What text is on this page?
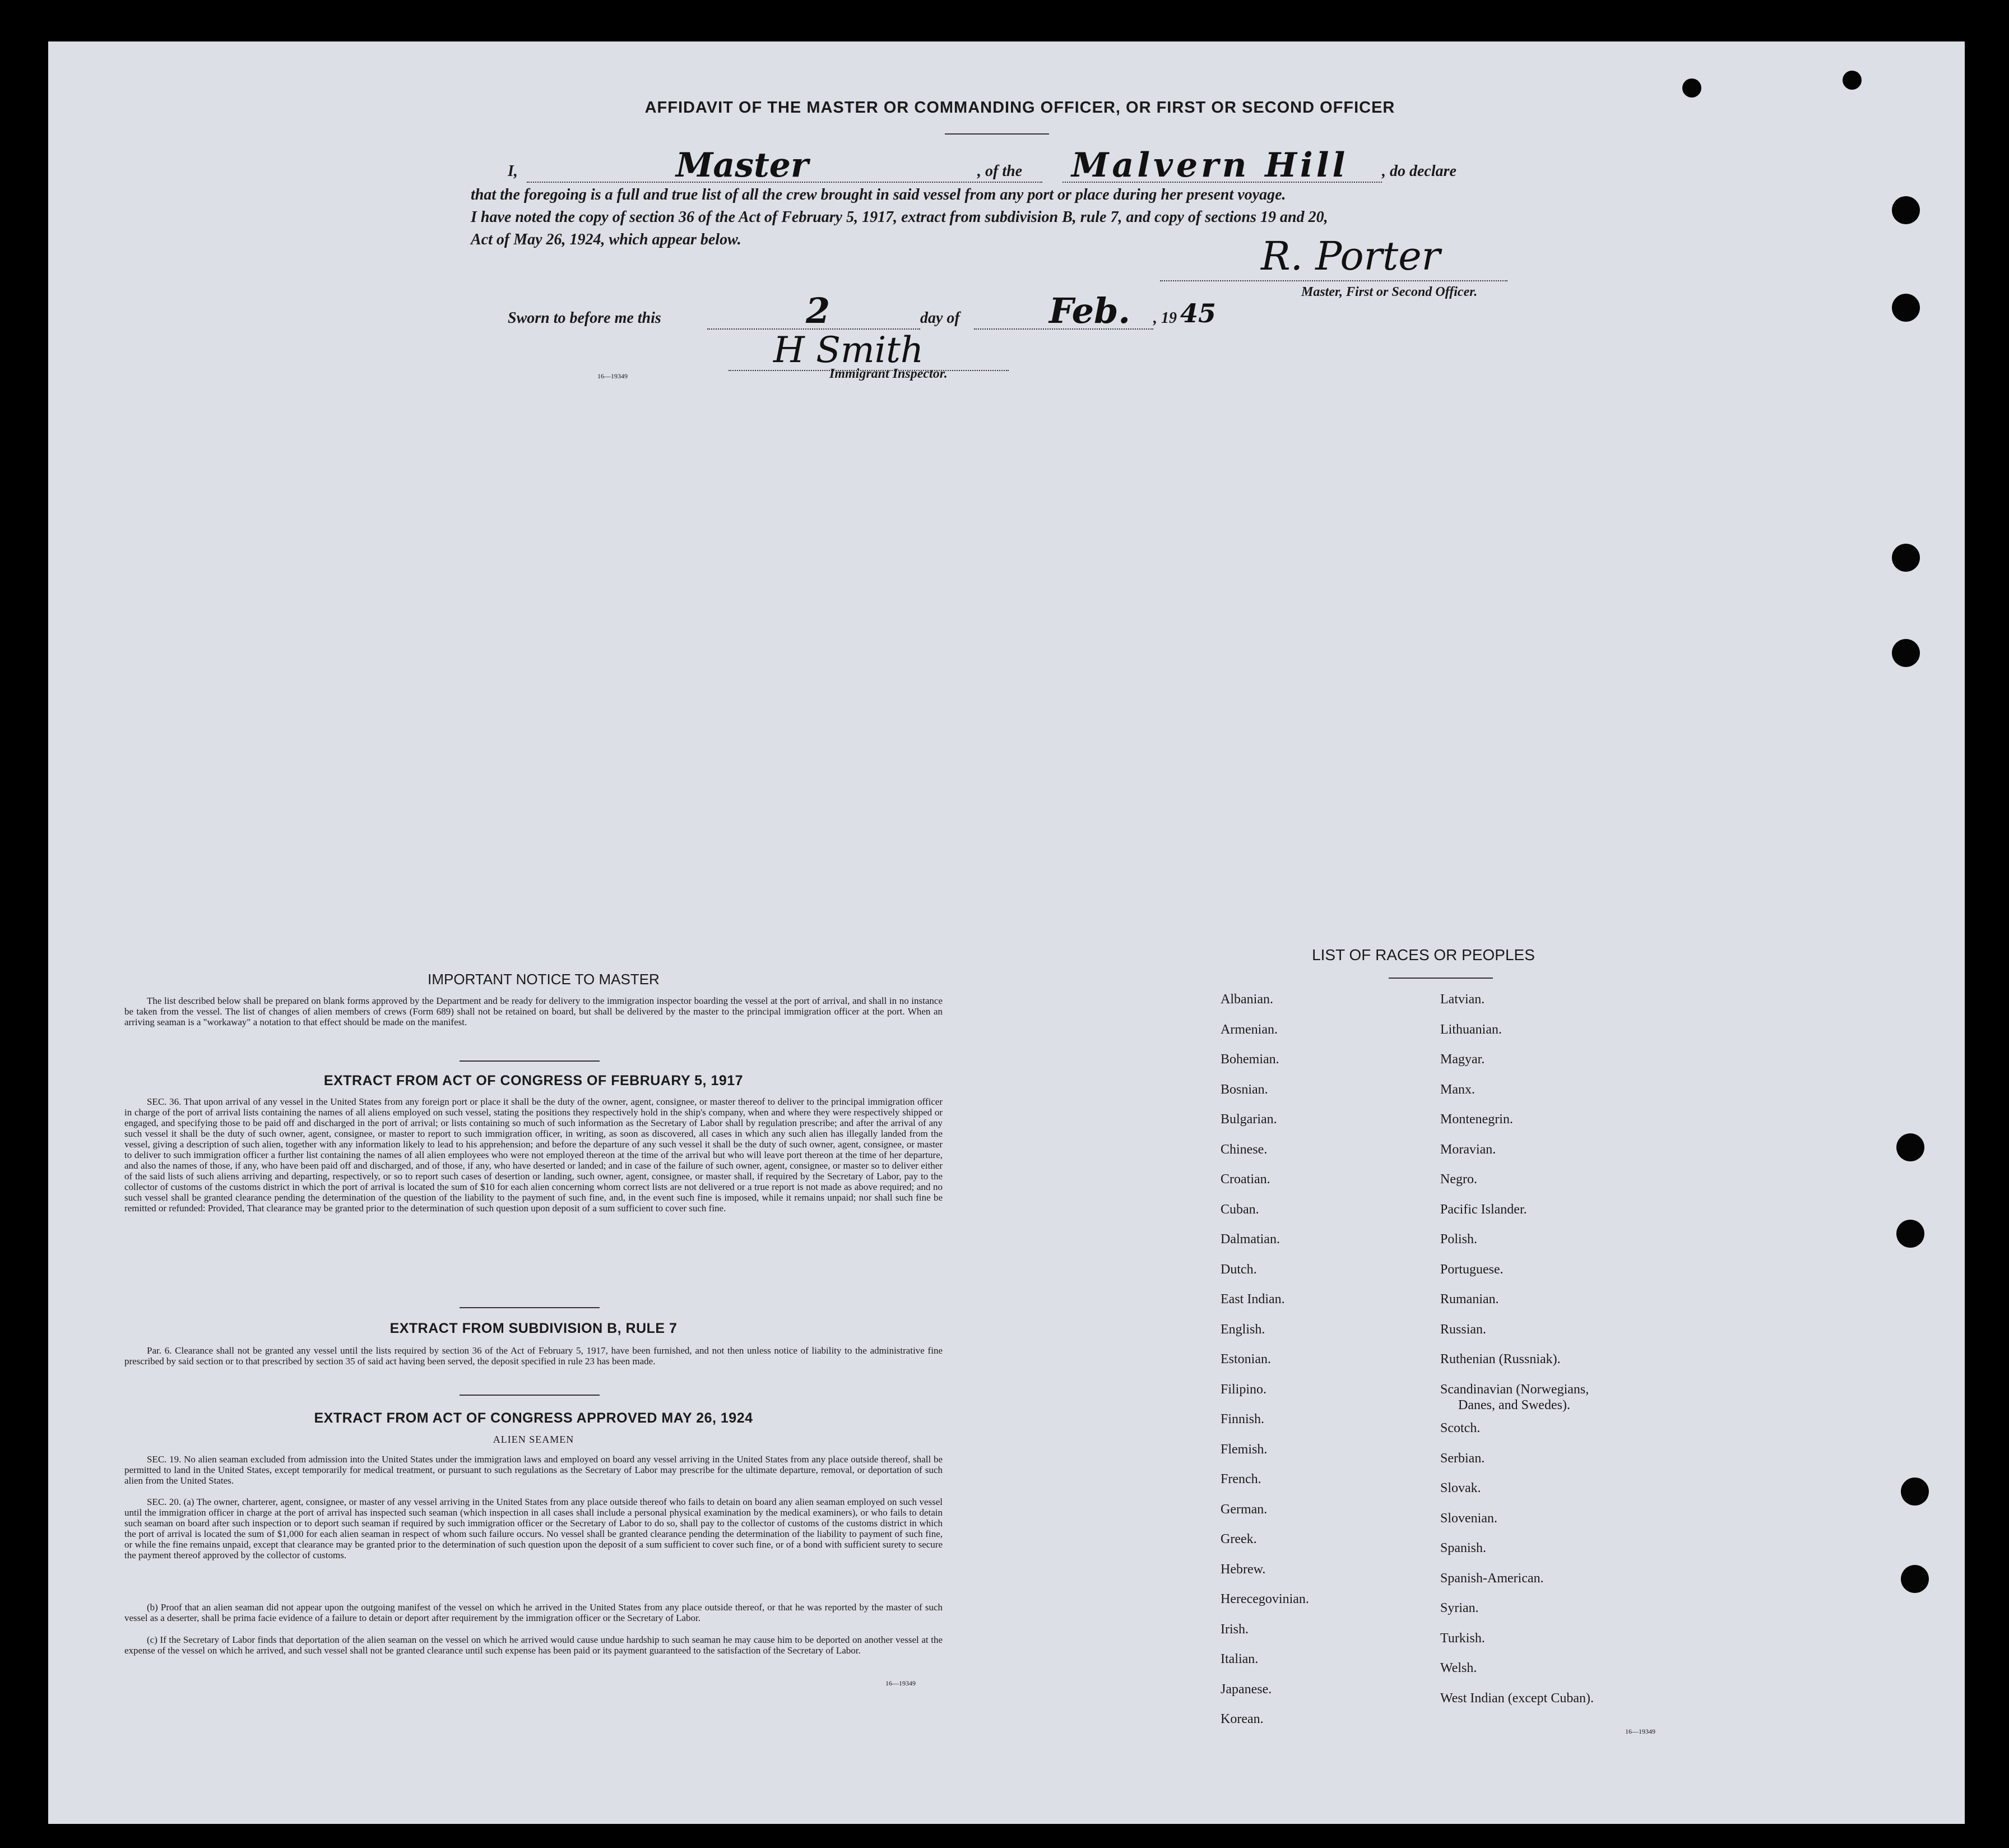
AFFIDAVIT OF THE MASTER OR COMMANDING OFFICER, OR FIRST OR SECOND OFFICER
I,	Master	, of the Malvern Hill , do declare
that the foregoing is a full and true list of all the crew brought in said vessel from any port or place during her present voyage.
I have noted the copy of section 36 of the Act of February 5, 1917, extract from subdivision B, rule 7, and copy of sections 19 and 20,
Act of May 26, 1924, which appear below.	R. Porter
Master, First or Second Officer.
Sworn to before me this	2	day of	Feb. , 19 45
H Smith
Immigrant Inspector.
16—19349
IMPORTANT NOTICE TO MASTER
The list described below shall be prepared on blank forms approved by the Department and be ready for delivery to the immigration inspector boarding the vessel at the port of arrival, and shall in no instance be taken from the vessel. The list of changes of alien members of crews (Form 689) shall not be retained on board, but shall be delivered by the master to the principal immigration officer at the port. When an arriving seaman is a "workaway" a notation to that effect should be made on the manifest.
EXTRACT FROM ACT OF CONGRESS OF FEBRUARY 5, 1917
SEC. 36. That upon arrival of any vessel in the United States from any foreign port or place it shall be the duty of the owner, agent, consignee, or master thereof to deliver to the principal immigration officer in charge of the port of arrival lists containing the names of all aliens employed on such vessel, stating the positions they respectively hold in the ship's company, when and where they were respectively shipped or engaged, and specifying those to be paid off and discharged in the port of arrival; or lists containing so much of such information as the Secretary of Labor shall by regulation prescribe; and after the arrival of any such vessel it shall be the duty of such owner, agent, consignee, or master to report to such immigration officer, in writing, as soon as discovered, all cases in which any such alien has illegally landed from the vessel, giving a description of such alien, together with any information likely to lead to his apprehension; and before the departure of any such vessel it shall be the duty of such owner, agent, consignee, or master to deliver to such immigration officer a further list containing the names of all alien employees who were not employed thereon at the time of the arrival but who will leave port thereon at the time of her departure, and also the names of those, if any, who have been paid off and discharged, and of those, if any, who have deserted or landed; and in case of the failure of such owner, agent, consignee, or master so to deliver either of the said lists of such aliens arriving and departing, respectively, or so to report such cases of desertion or landing, such owner, agent, consignee, or master shall, if required by the Secretary of Labor, pay to the collector of customs of the customs district in which the port of arrival is located the sum of $10 for each alien concerning whom correct lists are not delivered or a true report is not made as above required; and no such vessel shall be granted clearance pending the determination of the question of the liability to the payment of such fine, and, in the event such fine is imposed, while it remains unpaid; nor shall such fine be remitted or refunded: Provided, That clearance may be granted prior to the determination of such question upon deposit of a sum sufficient to cover such fine.
EXTRACT FROM SUBDIVISION B, RULE 7
Par. 6. Clearance shall not be granted any vessel until the lists required by section 36 of the Act of February 5, 1917, have been furnished, and not then unless notice of liability to the administrative fine prescribed by said section or to that prescribed by section 35 of said act having been served, the deposit specified in rule 23 has been made.
EXTRACT FROM ACT OF CONGRESS APPROVED MAY 26, 1924
ALIEN SEAMEN
SEC. 19. No alien seaman excluded from admission into the United States under the immigration laws and employed on board any vessel arriving in the United States from any place outside thereof, shall be permitted to land in the United States, except temporarily for medical treatment, or pursuant to such regulations as the Secretary of Labor may prescribe for the ultimate departure, removal, or deportation of such alien from the United States.
SEC. 20. (a) The owner, charterer, agent, consignee, or master of any vessel arriving in the United States from any place outside thereof who fails to detain on board any alien seaman employed on such vessel until the immigration officer in charge at the port of arrival has inspected such seaman (which inspection in all cases shall include a personal physical examination by the medical examiners), or who fails to detain such seaman on board after such inspection or to deport such seaman if required by such immigration officer or the Secretary of Labor to do so, shall pay to the collector of customs of the customs district in which the port of arrival is located the sum of $1,000 for each alien seaman in respect of whom such failure occurs. No vessel shall be granted clearance pending the determination of the liability to payment of such fine, or while the fine remains unpaid, except that clearance may be granted prior to the determination of such question upon the deposit of a sum sufficient to cover such fine, or of a bond with sufficient surety to secure the payment thereof approved by the collector of customs.
(b) Proof that an alien seaman did not appear upon the outgoing manifest of the vessel on which he arrived in the United States from any place outside thereof, or that he was reported by the master of such vessel as a deserter, shall be prima facie evidence of a failure to detain or deport after requirement by the immigration officer or the Secretary of Labor.
(c) If the Secretary of Labor finds that deportation of the alien seaman on the vessel on which he arrived would cause undue hardship to such seaman he may cause him to be deported on another vessel at the expense of the vessel on which he arrived, and such vessel shall not be granted clearance until such expense has been paid or its payment guaranteed to the satisfaction of the Secretary of Labor.
16—19349
LIST OF RACES OR PEOPLES
Albanian.
Armenian.
Bohemian.
Bosnian.
Bulgarian.
Chinese.
Croatian.
Cuban.
Dalmatian.
Dutch.
East Indian.
English.
Estonian.
Filipino.
Finnish.
Flemish.
French.
German.
Greek.
Hebrew.
Herecegovinian.
Irish.
Italian.
Japanese.
Korean.
Latvian.
Lithuanian.
Magyar.
Manx.
Montenegrin.
Moravian.
Negro.
Pacific Islander.
Polish.
Portuguese.
Rumanian.
Russian.
Ruthenian (Russniak).
Scandinavian (Norwegians,
Danes, and Swedes).
Scotch.
Serbian.
Slovak.
Slovenian.
Spanish.
Spanish-American.
Syrian.
Turkish.
Welsh.
West Indian (except Cuban).
16—19349
